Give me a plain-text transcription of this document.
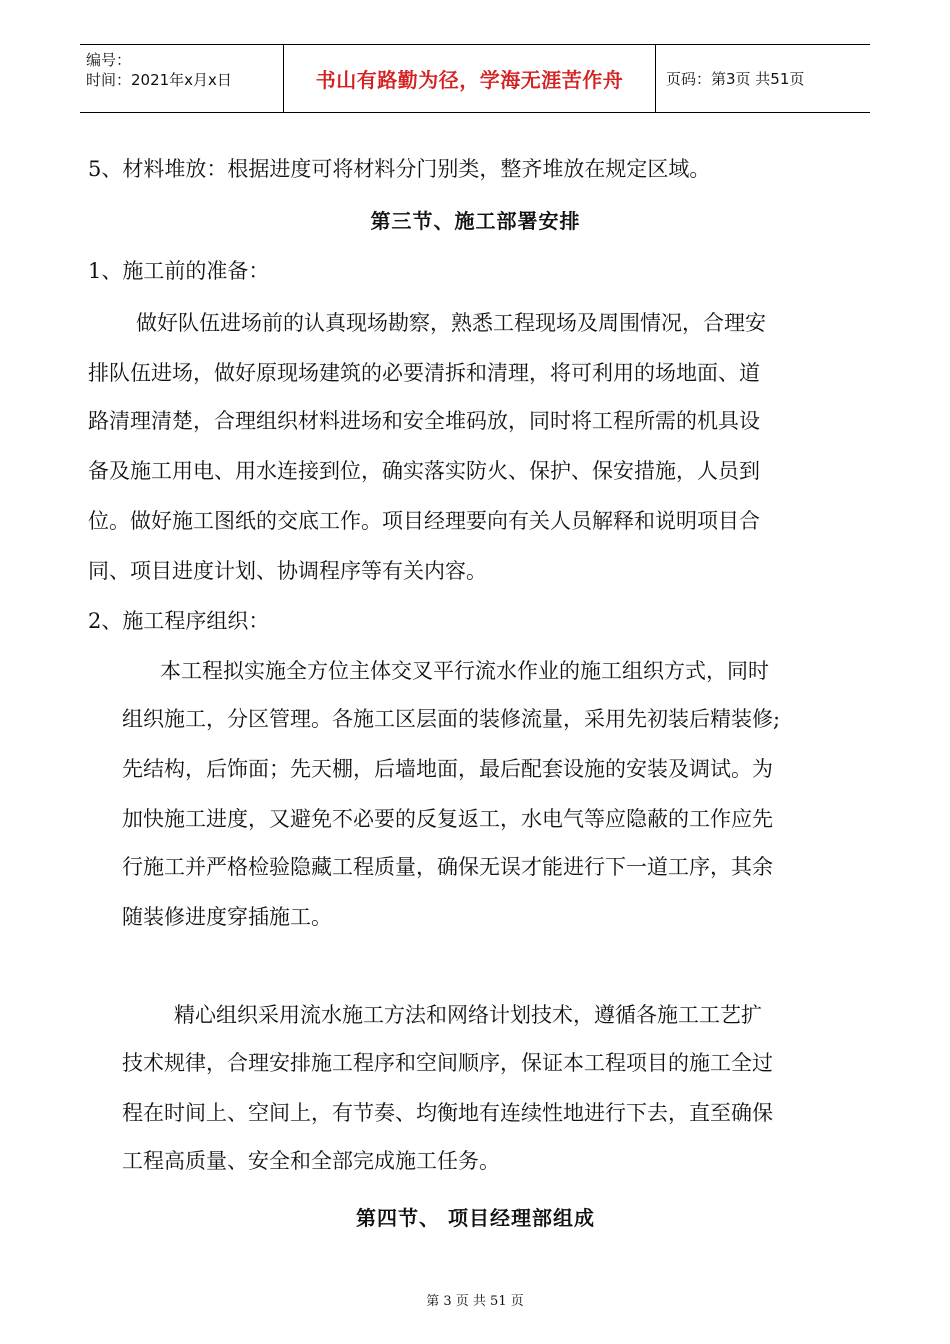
编号：
时间：2021年x月x日	书山有路勤为径，学海无涯苦作舟	页码：第3页 共51页
5、材料堆放：根据进度可将材料分门别类，整齐堆放在规定区域。
第三节、施工部署安排
1、施工前的准备：
做好队伍进场前的认真现场勘察，熟悉工程现场及周围情况，合理安
排队伍进场，做好原现场建筑的必要清拆和清理，将可利用的场地面、道
路清理清楚，合理组织材料进场和安全堆码放，同时将工程所需的机具设
备及施工用电、用水连接到位，确实落实防火、保护、保安措施，人员到
位。做好施工图纸的交底工作。项目经理要向有关人员解释和说明项目合
同、项目进度计划、协调程序等有关内容。
2、施工程序组织：
本工程拟实施全方位主体交叉平行流水作业的施工组织方式，同时
组织施工，分区管理。各施工区层面的装修流量，采用先初装后精装修;
先结构，后饰面；先天棚，后墙地面，最后配套设施的安装及调试。为
加快施工进度，又避免不必要的反复返工，水电气等应隐蔽的工作应先
行施工并严格检验隐藏工程质量，确保无误才能进行下一道工序，其余
随装修进度穿插施工。
精心组织采用流水施工方法和网络计划技术，遵循各施工工艺扩
技术规律，合理安排施工程序和空间顺序，保证本工程项目的施工全过
程在时间上、空间上，有节奏、均衡地有连续性地进行下去，直至确保
工程高质量、安全和全部完成施工任务。
第四节、 项目经理部组成
第 3 页 共 51 页
